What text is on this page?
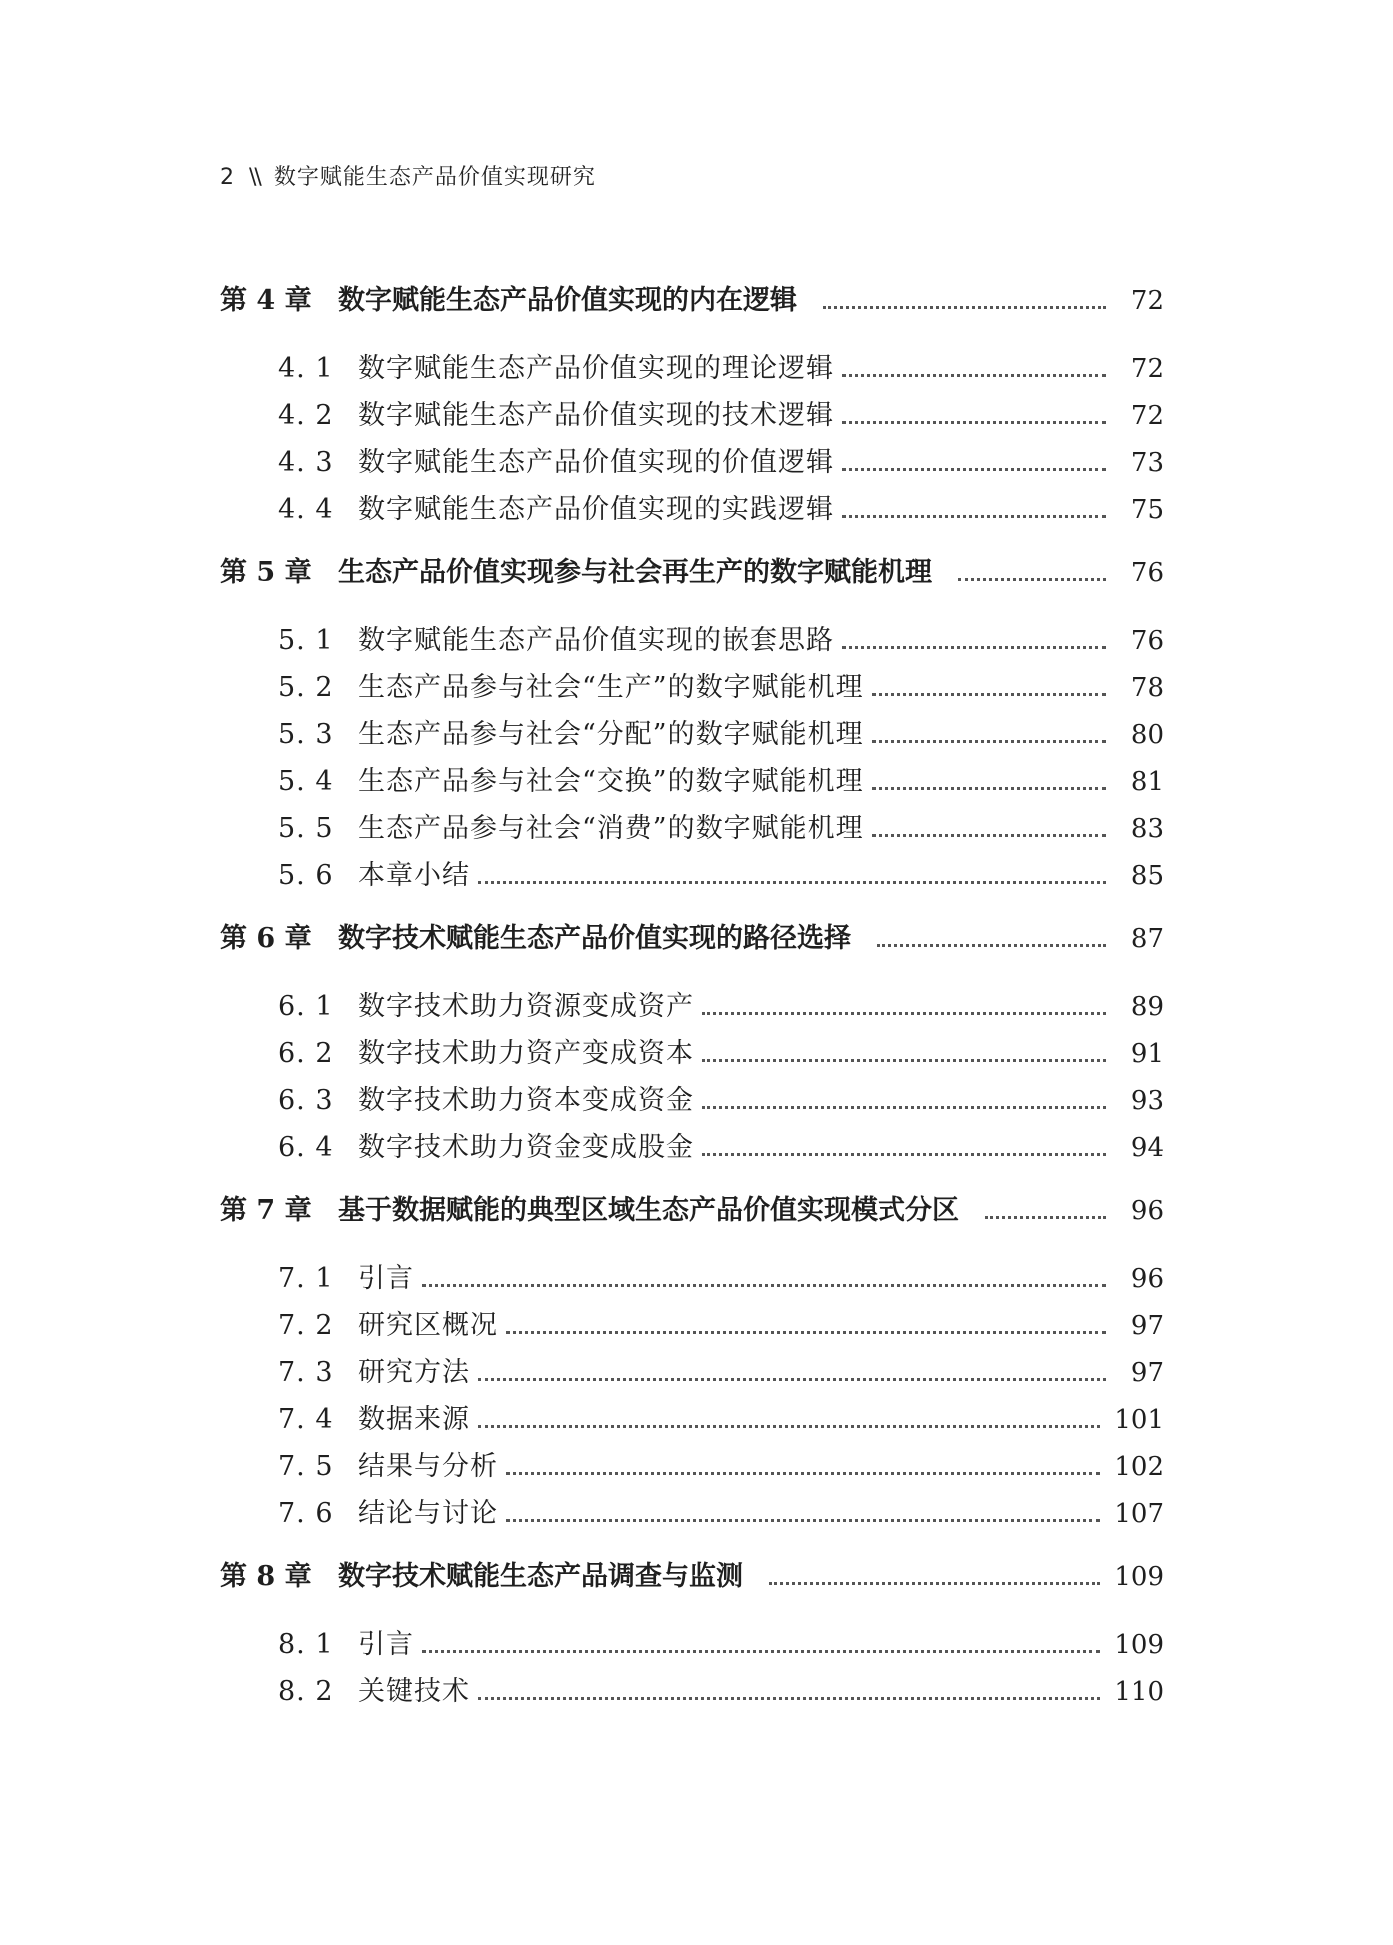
2 \\ 数字赋能生态产品价值实现研究
第 4 章 数字赋能生态产品价值实现的内在逻辑	72
4. 1 数字赋能生态产品价值实现的理论逻辑	72
4. 2 数字赋能生态产品价值实现的技术逻辑	72
4. 3 数字赋能生态产品价值实现的价值逻辑	73
4. 4 数字赋能生态产品价值实现的实践逻辑	75
第 5 章 生态产品价值实现参与社会再生产的数字赋能机理	76
5. 1 数字赋能生态产品价值实现的嵌套思路	76
5. 2 生态产品参与社会“生产”的数字赋能机理	78
5. 3 生态产品参与社会“分配”的数字赋能机理	80
5. 4 生态产品参与社会“交换”的数字赋能机理	81
5. 5 生态产品参与社会“消费”的数字赋能机理	83
5. 6 本章小结	85
第 6 章 数字技术赋能生态产品价值实现的路径选择	87
6. 1 数字技术助力资源变成资产	89
6. 2 数字技术助力资产变成资本	91
6. 3 数字技术助力资本变成资金	93
6. 4 数字技术助力资金变成股金	94
第 7 章 基于数据赋能的典型区域生态产品价值实现模式分区	96
7. 1 引言	96
7. 2 研究区概况	97
7. 3 研究方法	97
7. 4 数据来源	101
7. 5 结果与分析	102
7. 6 结论与讨论	107
第 8 章 数字技术赋能生态产品调查与监测	109
8. 1 引言	109
8. 2 关键技术	110
